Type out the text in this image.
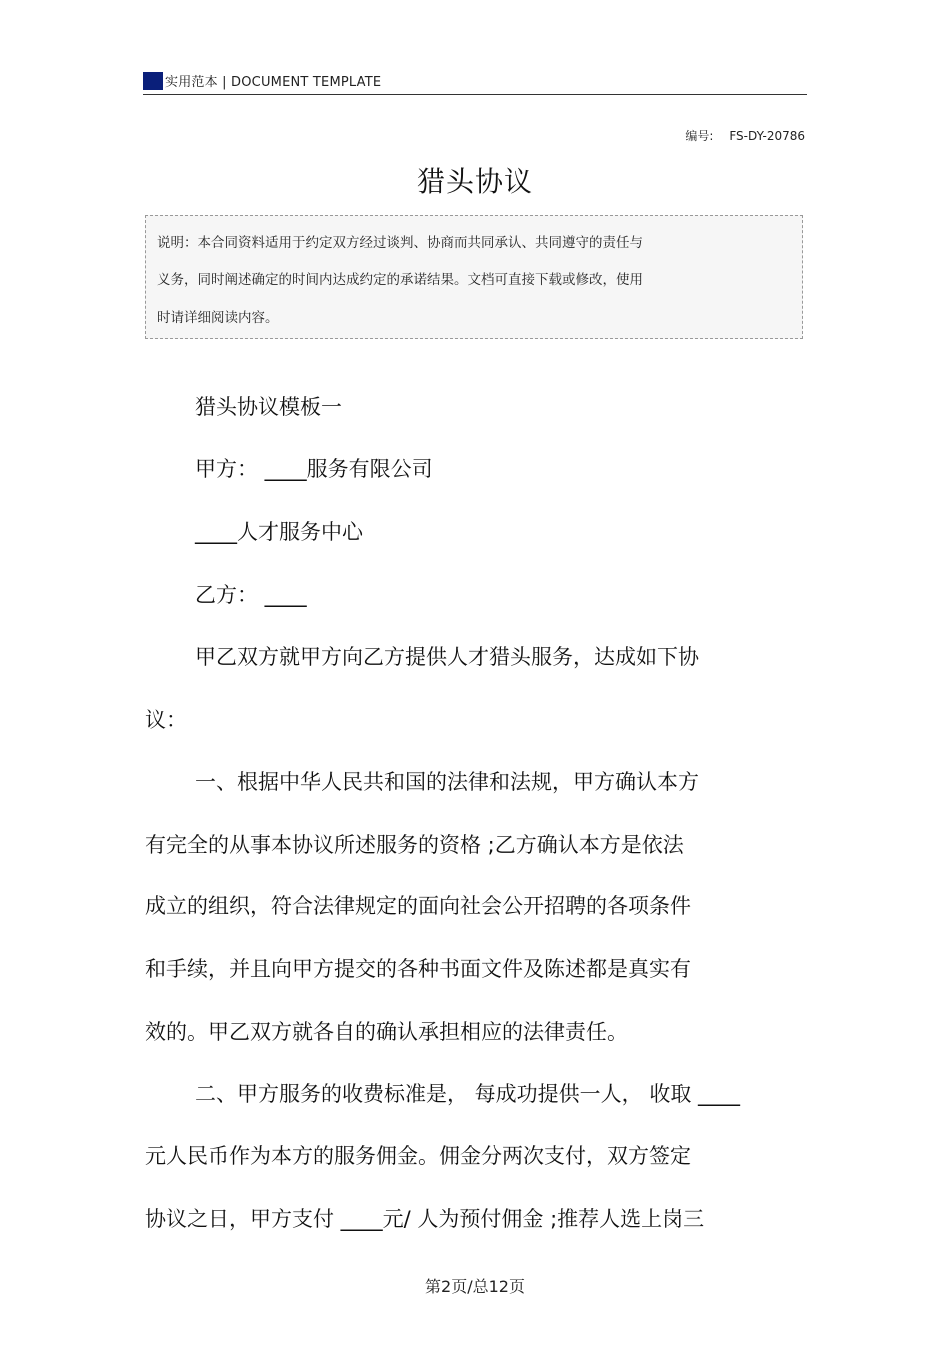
实用范本 | DOCUMENT TEMPLATE
编号: FS-DY-20786
猎头协议
说明：本合同资料适用于约定双方经过谈判、协商而共同承认、共同遵守的责任与
义务，同时阐述确定的时间内达成约定的承诺结果。文档可直接下载或修改，使用
时请详细阅读内容。
猎头协议模板一
甲方： ____服务有限公司
____人才服务中心
乙方： ____
甲乙双方就甲方向乙方提供人才猎头服务，达成如下协
议：
一、根据中华人民共和国的法律和法规，甲方确认本方
有完全的从事本协议所述服务的资格 ;乙方确认本方是依法
成立的组织，符合法律规定的面向社会公开招聘的各项条件
和手续，并且向甲方提交的各种书面文件及陈述都是真实有
效的。甲乙双方就各自的确认承担相应的法律责任。
二、甲方服务的收费标准是， 每成功提供一人， 收取 ____
元人民币作为本方的服务佣金。佣金分两次支付，双方签定
协议之日，甲方支付 ____元/ 人为预付佣金 ;推荐人选上岗三
第2页/总12页
